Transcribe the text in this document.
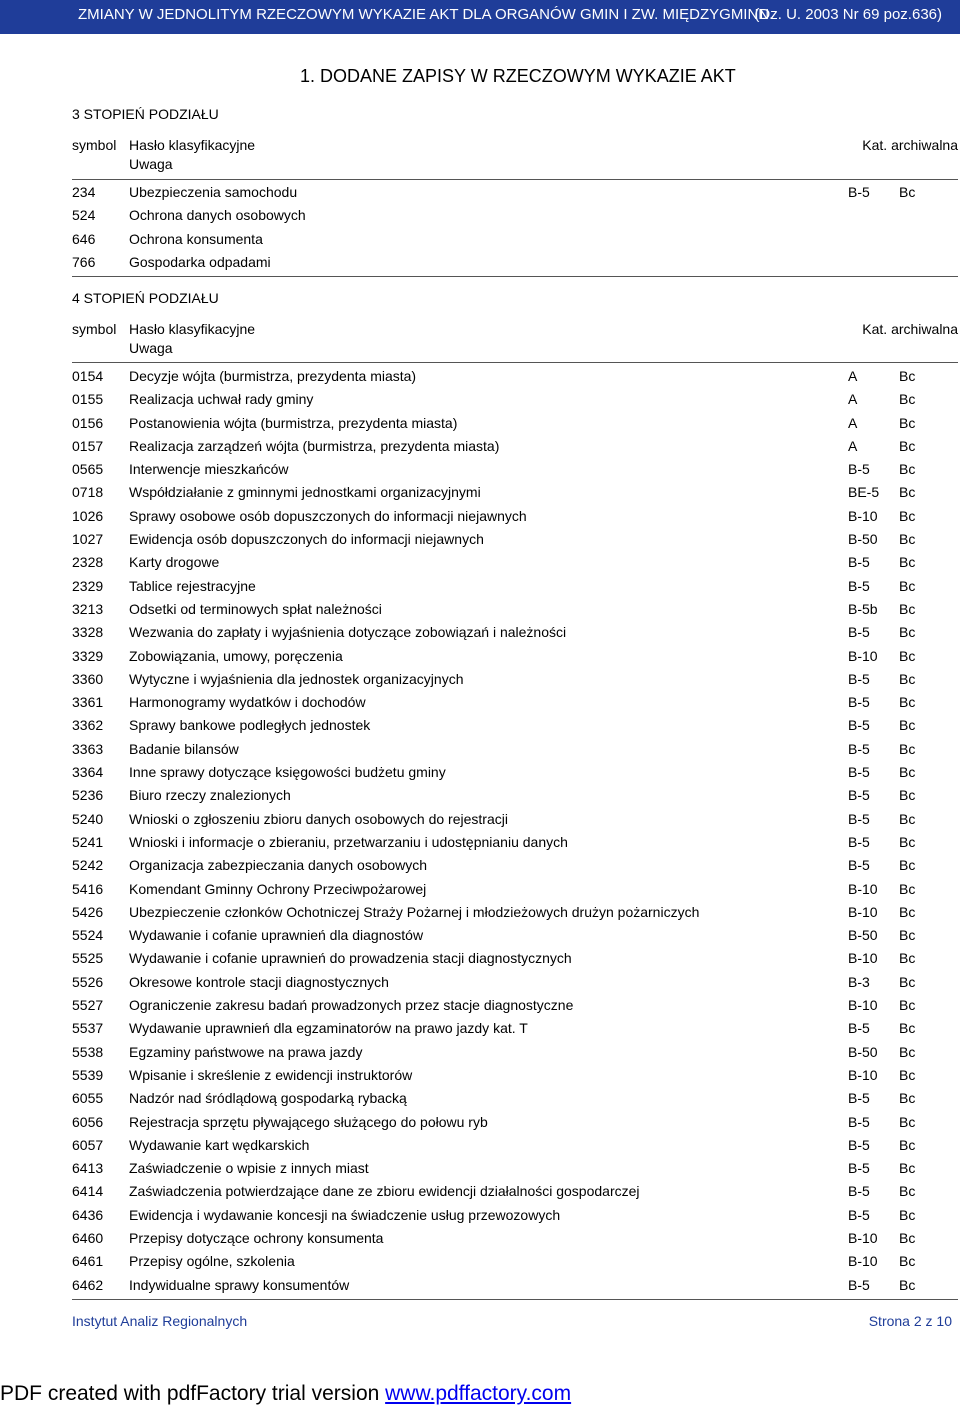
ZMIANY W JEDNOLITYM RZECZOWYM WYKAZIE AKT DLA ORGANÓW GMIN I ZW. MIĘDZYGMINN.
(Dz. U. 2003 Nr 69 poz.636)
1. DODANE ZAPISY W RZECZOWYM WYKAZIE AKT
3 STOPIEŃ PODZIAŁU
symbol Hasło klasyfikacyjne
Uwaga
Kat. archiwalna
234 Ubezpieczenia samochodu	B-5 Bc
524 Ochrona danych osobowych
646 Ochrona konsumenta
766 Gospodarka odpadami
4 STOPIEŃ PODZIAŁU
symbol Hasło klasyfikacyjne
Uwaga
Kat. archiwalna
0154 Decyzje wójta (burmistrza, prezydenta miasta)	A	Bc
0155 Realizacja uchwał rady gminy	A	Bc
0156 Postanowienia wójta (burmistrza, prezydenta miasta)	A	Bc
0157 Realizacja zarządzeń wójta (burmistrza, prezydenta miasta)	A	Bc
0565 Interwencje mieszkańców	B-5 Bc
0718 Współdziałanie z gminnymi jednostkami organizacyjnymi	BE-5 Bc
1026 Sprawy osobowe osób dopuszczonych do informacji niejawnych	B-10 Bc
1027 Ewidencja osób dopuszczonych do informacji niejawnych	B-50 Bc
2328 Karty drogowe	B-5 Bc
2329 Tablice rejestracyjne	B-5 Bc
3213 Odsetki od terminowych spłat należności	B-5b Bc
3328 Wezwania do zapłaty i wyjaśnienia dotyczące zobowiązań i należności	B-5 Bc
3329 Zobowiązania, umowy, poręczenia	B-10 Bc
3360 Wytyczne i wyjaśnienia dla jednostek organizacyjnych	B-5 Bc
3361 Harmonogramy wydatków i dochodów	B-5 Bc
3362 Sprawy bankowe podległych jednostek	B-5 Bc
3363 Badanie bilansów	B-5 Bc
3364 Inne sprawy dotyczące księgowości budżetu gminy	B-5 Bc
5236 Biuro rzeczy znalezionych	B-5 Bc
5240 Wnioski o zgłoszeniu zbioru danych osobowych do rejestracji	B-5 Bc
5241 Wnioski i informacje o zbieraniu, przetwarzaniu i udostępnianiu danych	B-5 Bc
5242 Organizacja zabezpieczania danych osobowych	B-5 Bc
5416 Komendant Gminny Ochrony Przeciwpożarowej	B-10 Bc
5426 Ubezpieczenie członków Ochotniczej Straży Pożarnej i młodzieżowych drużyn pożarniczych	B-10 Bc
5524 Wydawanie i cofanie uprawnień dla diagnostów	B-50 Bc
5525 Wydawanie i cofanie uprawnień do prowadzenia stacji diagnostycznych	B-10 Bc
5526 Okresowe kontrole stacji diagnostycznych	B-3 Bc
5527 Ograniczenie zakresu badań prowadzonych przez stacje diagnostyczne	B-10 Bc
5537 Wydawanie uprawnień dla egzaminatorów na prawo jazdy kat. T	B-5 Bc
5538 Egzaminy państwowe na prawa jazdy	B-50 Bc
5539 Wpisanie i skreślenie z ewidencji instruktorów	B-10 Bc
6055 Nadzór nad śródlądową gospodarką rybacką	B-5 Bc
6056 Rejestracja sprzętu pływającego służącego do połowu ryb	B-5 Bc
6057 Wydawanie kart wędkarskich	B-5 Bc
6413 Zaświadczenie o wpisie z innych miast	B-5 Bc
6414 Zaświadczenia potwierdzające dane ze zbioru ewidencji działalności gospodarczej	B-5 Bc
6436 Ewidencja i wydawanie koncesji na świadczenie usług przewozowych	B-5 Bc
6460 Przepisy dotyczące ochrony konsumenta	B-10 Bc
6461 Przepisy ogólne, szkolenia	B-10 Bc
6462 Indywidualne sprawy konsumentów	B-5 Bc
Instytut Analiz Regionalnych	Strona 2 z 10
PDF created with pdfFactory trial version www.pdffactory.com
